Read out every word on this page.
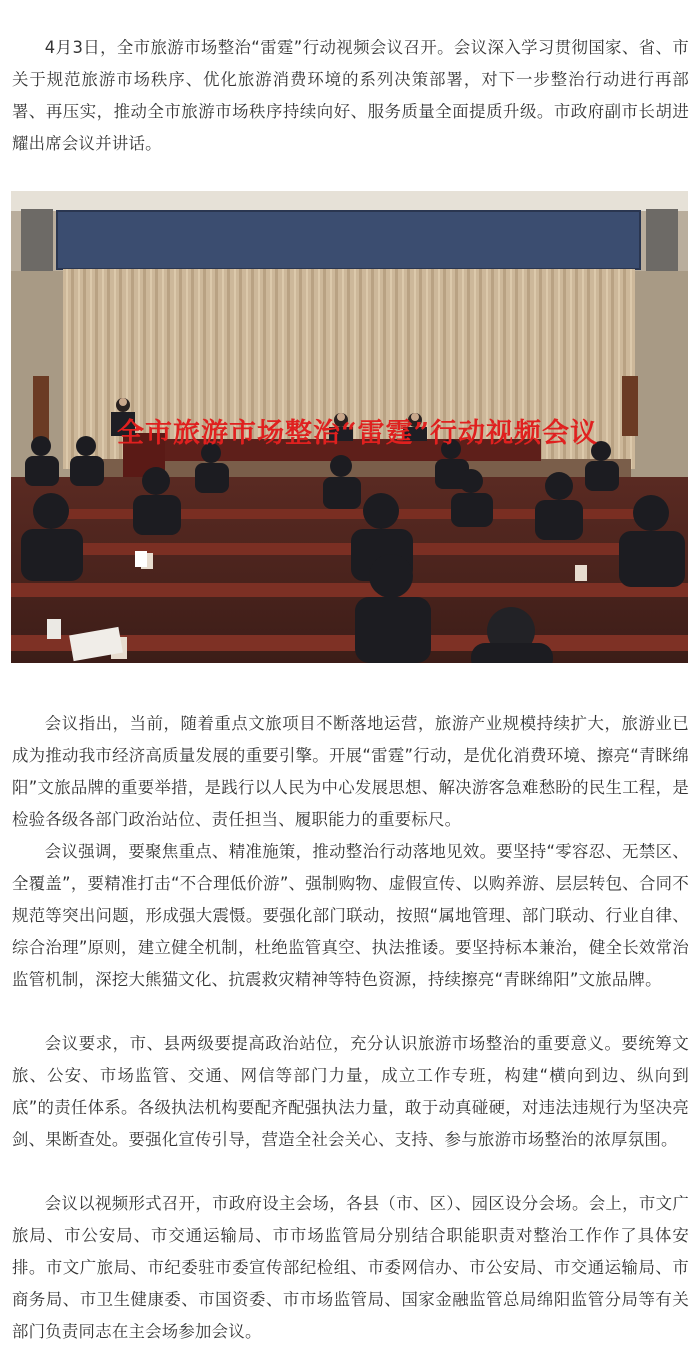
4月3日，全市旅游市场整治“雷霆”行动视频会议召开。会议深入学习贯彻国家、省、市关于规范旅游市场秩序、优化旅游消费环境的系列决策部署，对下一步整治行动进行再部署、再压实，推动全市旅游市场秩序持续向好、服务质量全面提质升级。市政府副市长胡进耀出席会议并讲话。

全市旅游市场整治“雷霆”行动视频会议

会议指出，当前，随着重点文旅项目不断落地运营，旅游产业规模持续扩大，旅游业已成为推动我市经济高质量发展的重要引擎。开展“雷霆”行动，是优化消费环境、擦亮“青眯绵阳”文旅品牌的重要举措，是践行以人民为中心发展思想、解决游客急难愁盼的民生工程，是检验各级各部门政治站位、责任担当、履职能力的重要标尺。

会议强调，要聚焦重点、精准施策，推动整治行动落地见效。要坚持“零容忍、无禁区、全覆盖”，要精准打击“不合理低价游”、强制购物、虚假宣传、以购养游、层层转包、合同不规范等突出问题，形成强大震慑。要强化部门联动，按照“属地管理、部门联动、行业自律、综合治理”原则，建立健全机制，杜绝监管真空、执法推诿。要坚持标本兼治，健全长效常治监管机制，深挖大熊猫文化、抗震救灾精神等特色资源，持续擦亮“青眯绵阳”文旅品牌。

会议要求，市、县两级要提高政治站位，充分认识旅游市场整治的重要意义。要统筹文旅、公安、市场监管、交通、网信等部门力量，成立工作专班，构建“横向到边、纵向到底”的责任体系。各级执法机构要配齐配强执法力量，敢于动真碰硬，对违法违规行为坚决亮剑、果断查处。要强化宣传引导，营造全社会关心、支持、参与旅游市场整治的浓厚氛围。

会议以视频形式召开，市政府设主会场，各县（市、区）、园区设分会场。会上，市文广旅局、市公安局、市交通运输局、市市场监管局分别结合职能职责对整治工作作了具体安排。市文广旅局、市纪委驻市委宣传部纪检组、市委网信办、市公安局、市交通运输局、市商务局、市卫生健康委、市国资委、市市场监管局、国家金融监管总局绵阳监管分局等有关部门负责同志在主会场参加会议。
